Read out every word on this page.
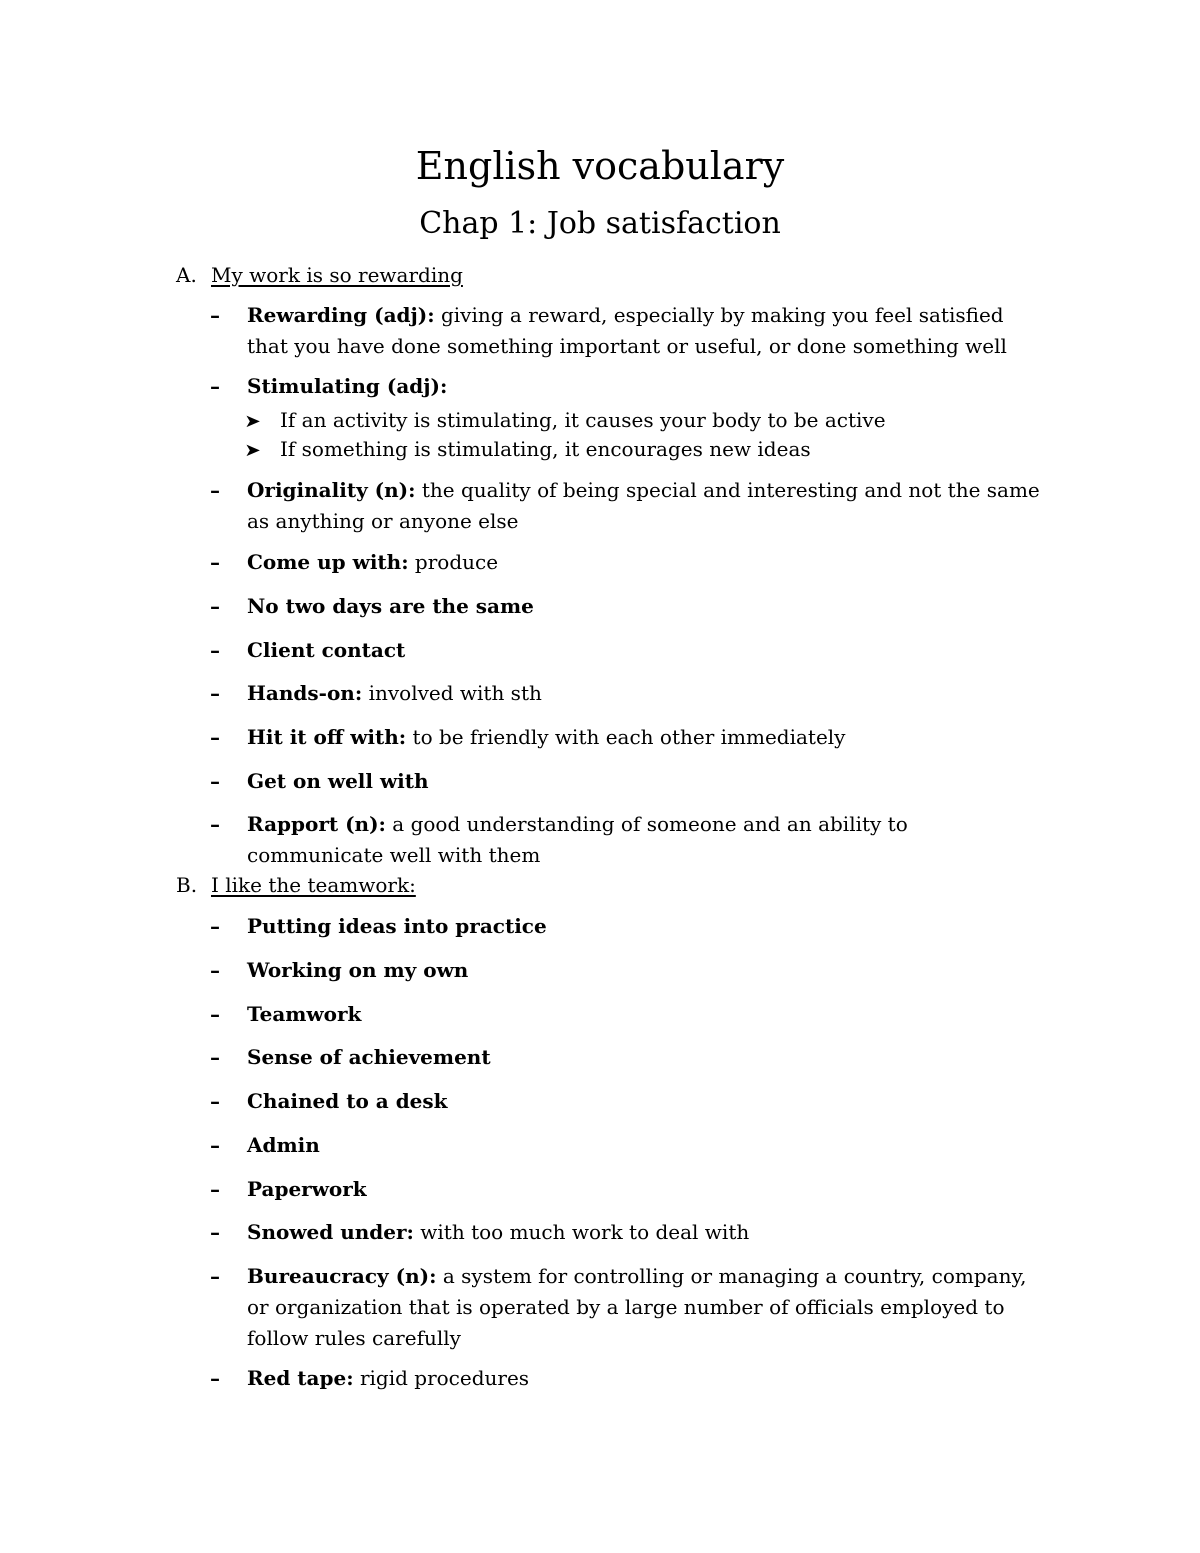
English vocabulary
Chap 1: Job satisfaction
A. My work is so rewarding
– Rewarding (adj): giving a reward, especially by making you feel satisfied that you have done something important or useful, or done something well
– Stimulating (adj):
➤ If an activity is stimulating, it causes your body to be active
➤ If something is stimulating, it encourages new ideas
– Originality (n): the quality of being special and interesting and not the same as anything or anyone else
– Come up with: produce
– No two days are the same
– Client contact
– Hands-on: involved with sth
– Hit it off with: to be friendly with each other immediately
– Get on well with
– Rapport (n): a good understanding of someone and an ability to communicate well with them
B. I like the teamwork:
– Putting ideas into practice
– Working on my own
– Teamwork
– Sense of achievement
– Chained to a desk
– Admin
– Paperwork
– Snowed under: with too much work to deal with
– Bureaucracy (n): a system for controlling or managing a country, company, or organization that is operated by a large number of officials employed to follow rules carefully
– Red tape: rigid procedures
